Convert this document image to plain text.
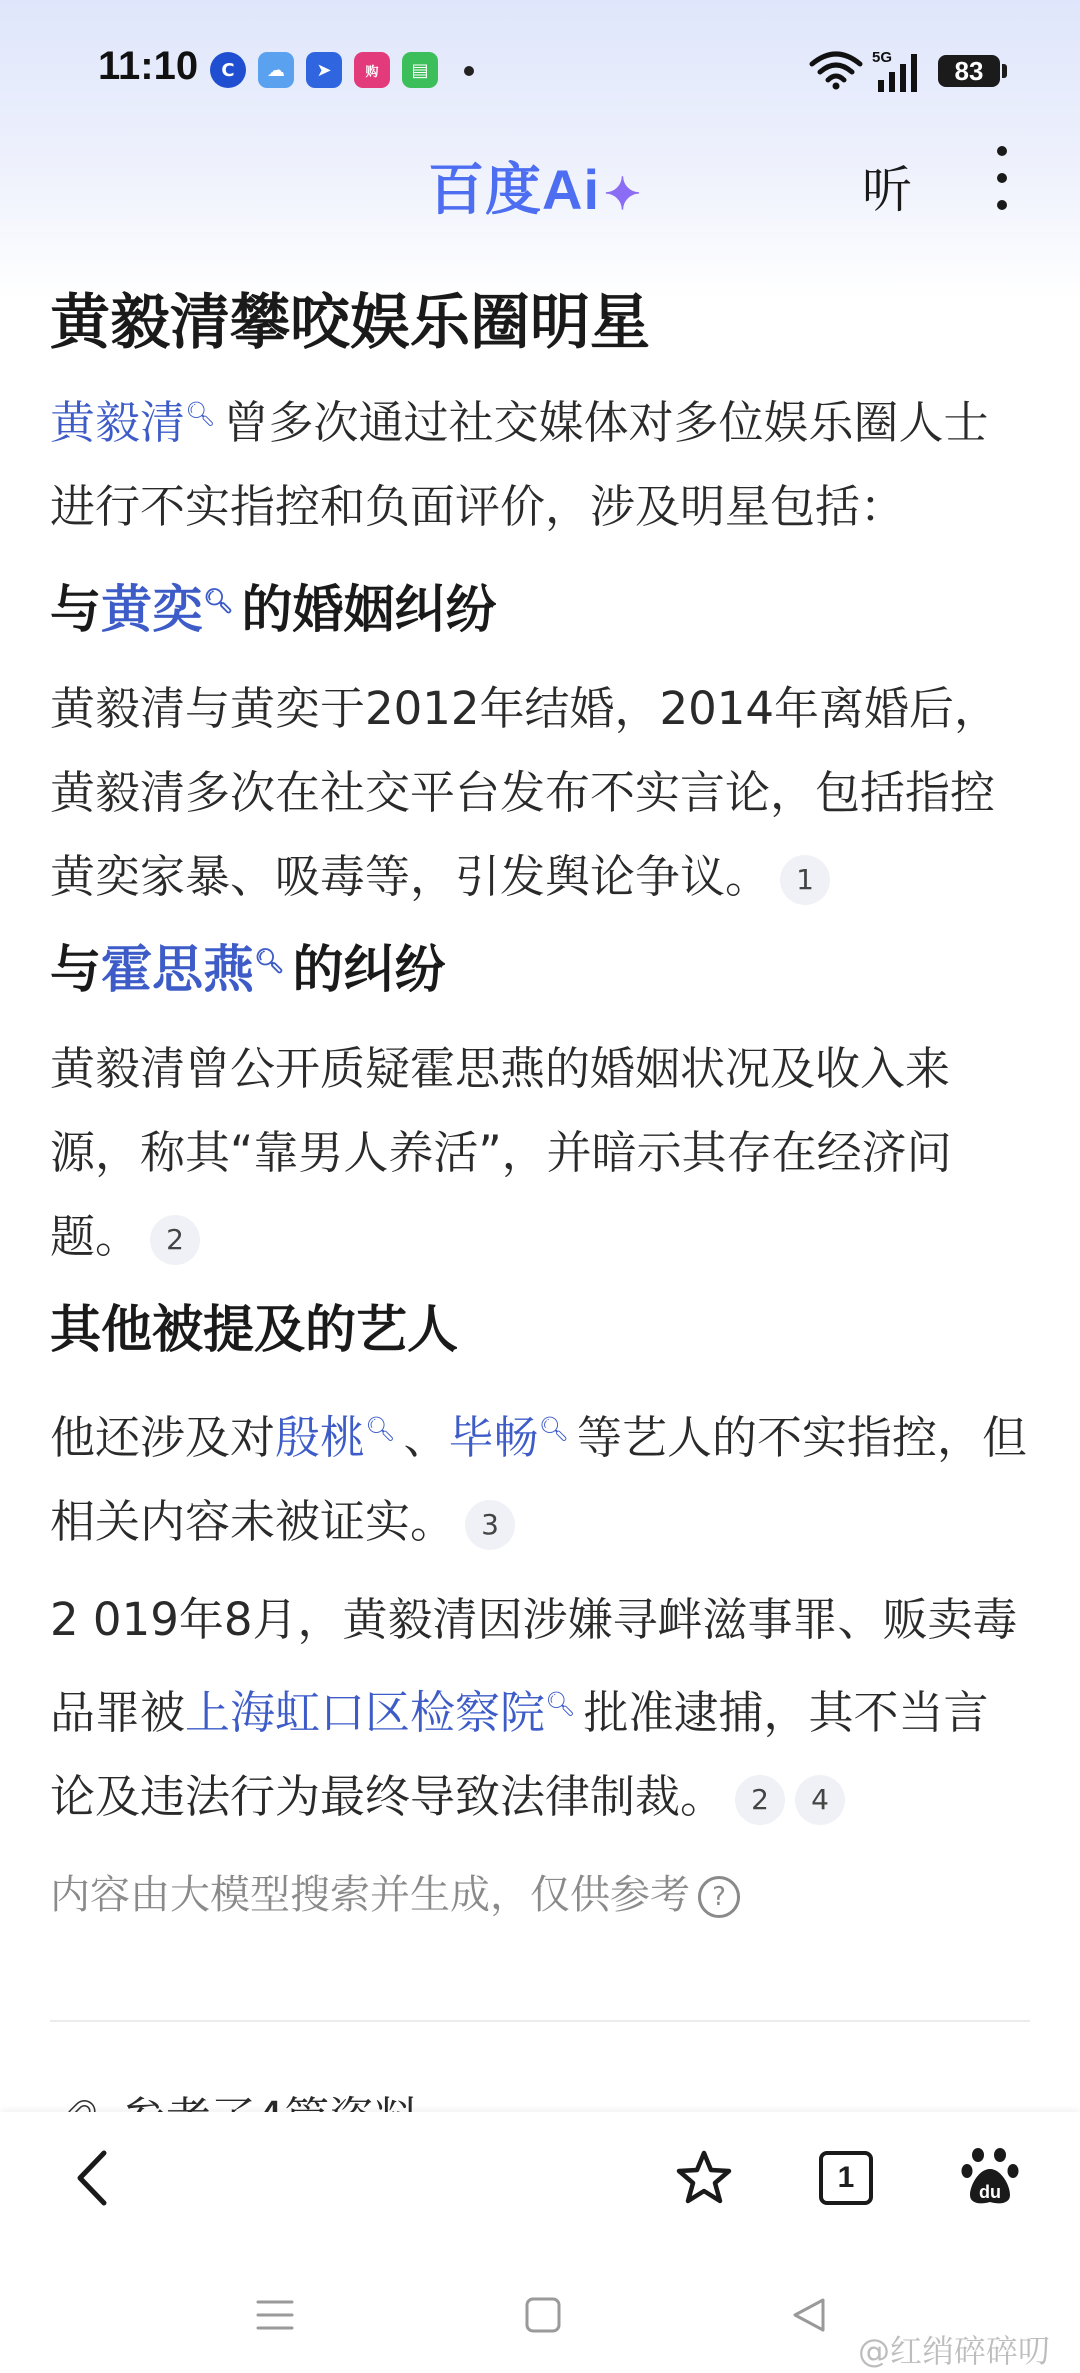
11:10	C	☁	➤	购	▤
5G	83
百度Ai✦	听
黄毅清攀咬娱乐圈明星

黄毅清🔍︎ 曾多次通过社交媒体对多位娱乐圈人士进行不实指控和负面评价，涉及明星包括：

与黄奕🔍︎ 的婚姻纠纷

黄毅清与黄奕于2012年结婚，2014年离婚后，黄毅清多次在社交平台发布不实言论，包括指控黄奕家暴、吸毒等，引发舆论争议。 1

与霍思燕🔍︎ 的纠纷

黄毅清曾公开质疑霍思燕的婚姻状况及收入来源，称其“靠男人养活”，并暗示其存在经济问题。 2

其他被提及的艺人

他还涉及对殷桃🔍︎ 、毕畅🔍︎ 等艺人的不实指控，但相关内容未被证实。 3

2 019年8月，黄毅清因涉嫌寻衅滋事罪、贩卖毒品罪被上海虹口区检察院🔍︎ 批准逮捕，其不当言论及违法行为最终导致法律制裁。 2 4

内容由大模型搜索并生成，仅供参考 ?
1	du
@红绡碎碎叨
